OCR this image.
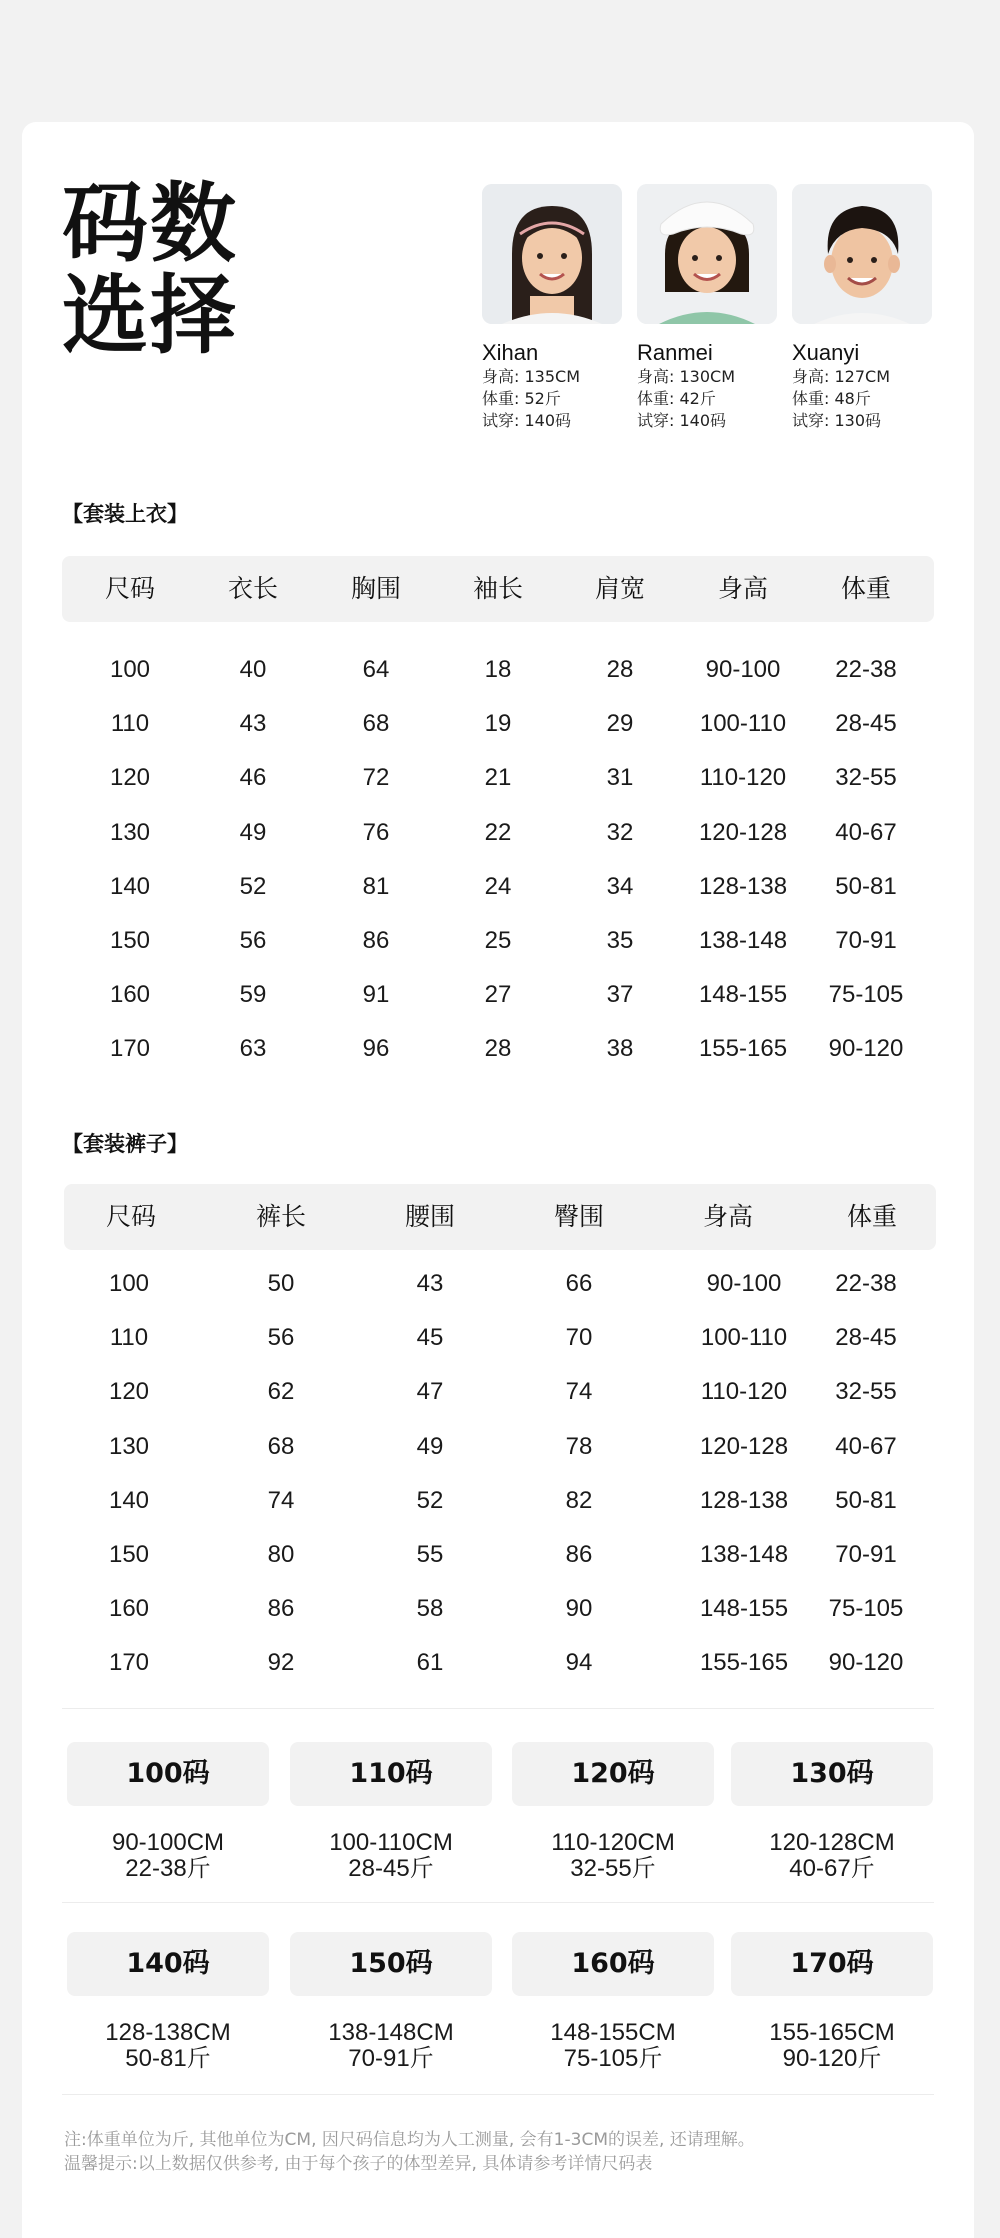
码数
选择	Xihan
身高: 135CM
体重: 52斤
试穿: 140码
Ranmei
身高: 130CM
体重: 42斤
试穿: 140码
Xuanyi
身高: 127CM
体重: 48斤
试穿: 130码
【套装上衣】
尺码	衣长	胸围	袖长	肩宽	身高	体重
100	40	64	18	28	90-100 22-38
110	43	68	19	29	100-110 28-45
120	46	72	21	31	110-120 32-55
130	49	76	22	32	120-128 40-67
140	52	81	24	34	128-138 50-81
150	56	86	25	35	138-148 70-91
160	59	91	27	37	148-155 75-105
170	63	96	28	38	155-165 90-120
【套装裤子】
尺码	裤长	腰围	臀围	身高	体重
100	50	43	66	90-100 22-38
110	56	45	70	100-110 28-45
120	62	47	74	110-120 32-55
130	68	49	78	120-128 40-67
140	74	52	82	128-138 50-81
150	80	55	86	138-148 70-91
160	86	58	90	148-155 75-105
170	92	61	94	155-165 90-120
100码
90-100CM
22-38斤
110码
100-110CM
28-45斤
120码
110-120CM
32-55斤
130码
120-128CM
40-67斤
140码
128-138CM
50-81斤
150码
138-148CM
70-91斤
160码
148-155CM
75-105斤
170码
155-165CM
90-120斤
注:体重单位为斤, 其他单位为CM, 因尺码信息均为人工测量, 会有1-3CM的误差, 还请理解。
温馨提示:以上数据仅供参考, 由于每个孩子的体型差异, 具体请参考详情尺码表
